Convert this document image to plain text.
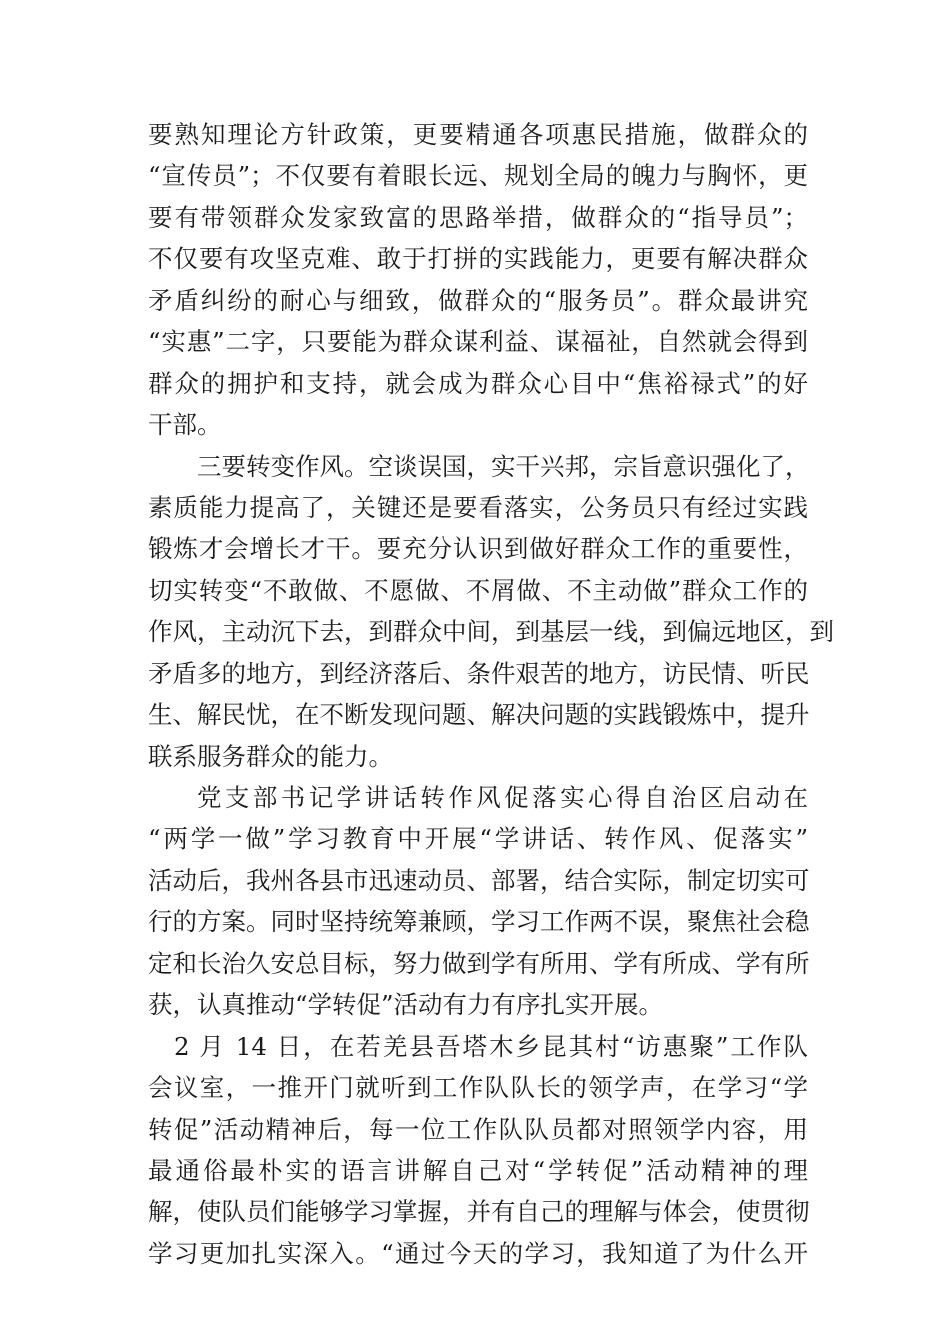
要熟知理论方针政策，更要精通各项惠民措施，做群众的
“宣传员”；不仅要有着眼长远、规划全局的魄力与胸怀，更
要有带领群众发家致富的思路举措，做群众的“指导员”；
不仅要有攻坚克难、敢于打拼的实践能力，更要有解决群众
矛盾纠纷的耐心与细致，做群众的“服务员”。群众最讲究
“实惠”二字，只要能为群众谋利益、谋福祉，自然就会得到
群众的拥护和支持，就会成为群众心目中“焦裕禄式”的好
干部。
三要转变作风。空谈误国，实干兴邦，宗旨意识强化了，
素质能力提高了，关键还是要看落实，公务员只有经过实践
锻炼才会增长才干。要充分认识到做好群众工作的重要性，
切实转变“不敢做、不愿做、不屑做、不主动做”群众工作的
作风，主动沉下去，到群众中间，到基层一线，到偏远地区，到
矛盾多的地方，到经济落后、条件艰苦的地方，访民情、听民
生、解民忧，在不断发现问题、解决问题的实践锻炼中，提升
联系服务群众的能力。
党支部书记学讲话转作风促落实心得自治区启动在
“两学一做”学习教育中开展“学讲话、转作风、促落实”
活动后，我州各县市迅速动员、部署，结合实际，制定切实可
行的方案。同时坚持统筹兼顾，学习工作两不误，聚焦社会稳
定和长治久安总目标，努力做到学有所用、学有所成、学有所
获，认真推动“学转促”活动有力有序扎实开展。
2 月 14 日，在若羌县吾塔木乡昆其村“访惠聚”工作队
会议室，一推开门就听到工作队队长的领学声，在学习“学
转促”活动精神后，每一位工作队队员都对照领学内容，用
最通俗最朴实的语言讲解自己对“学转促”活动精神的理
解，使队员们能够学习掌握，并有自己的理解与体会，使贯彻
学习更加扎实深入。“通过今天的学习，我知道了为什么开
